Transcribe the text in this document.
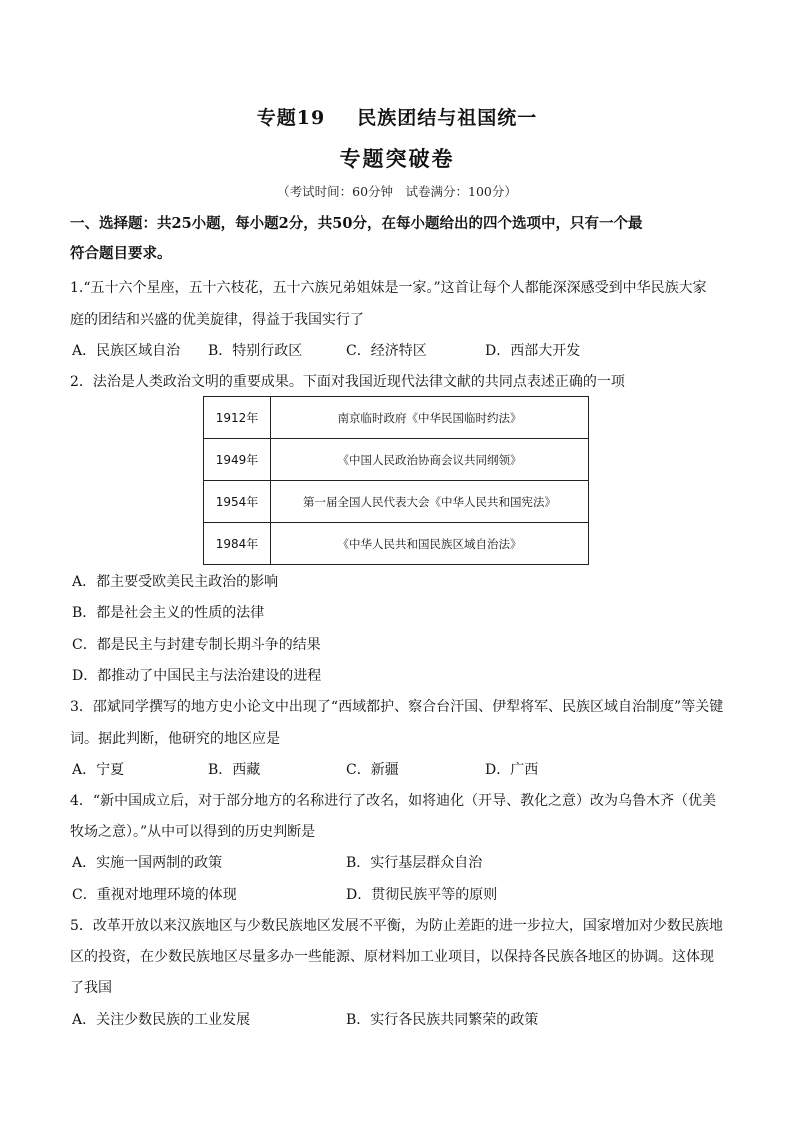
专题19 民族团结与祖国统一
专题突破卷
（考试时间：60分钟　试卷满分：100分）
一、选择题：共25小题，每小题2分，共50分，在每小题给出的四个选项中，只有一个最
符合题目要求。
1.“五十六个星座，五十六枝花，五十六族兄弟姐妹是一家。”这首让每个人都能深深感受到中华民族大家
庭的团结和兴盛的优美旋律，得益于我国实行了
A．民族区域自治 B．特别行政区	C．经济特区	D．西部大开发
2．法治是人类政治文明的重要成果。下面对我国近现代法律文献的共同点表述正确的一项
1912年	南京临时政府《中华民国临时约法》
1949年	《中国人民政治协商会议共同纲领》
1954年	第一届全国人民代表大会《中华人民共和国宪法》
1984年	《中华人民共和国民族区域自治法》
A．都主要受欧美民主政治的影响
B．都是社会主义的性质的法律
C．都是民主与封建专制长期斗争的结果
D．都推动了中国民主与法治建设的进程
3．邵斌同学撰写的地方史小论文中出现了“西域都护、察合台汗国、伊犁将军、民族区域自治制度”等关键
词。据此判断，他研究的地区应是
A．宁夏	B．西藏	C．新疆	D．广西
4．“新中国成立后，对于部分地方的名称进行了改名，如将迪化（开导、教化之意）改为乌鲁木齐（优美
牧场之意）。”从中可以得到的历史判断是
A．实施一国两制的政策	B．实行基层群众自治
C．重视对地理环境的体现	D．贯彻民族平等的原则
5．改革开放以来汉族地区与少数民族地区发展不平衡，为防止差距的进一步拉大，国家增加对少数民族地
区的投资，在少数民族地区尽量多办一些能源、原材料加工业项目，以保持各民族各地区的协调。这体现
了我国
A．关注少数民族的工业发展	B．实行各民族共同繁荣的政策
